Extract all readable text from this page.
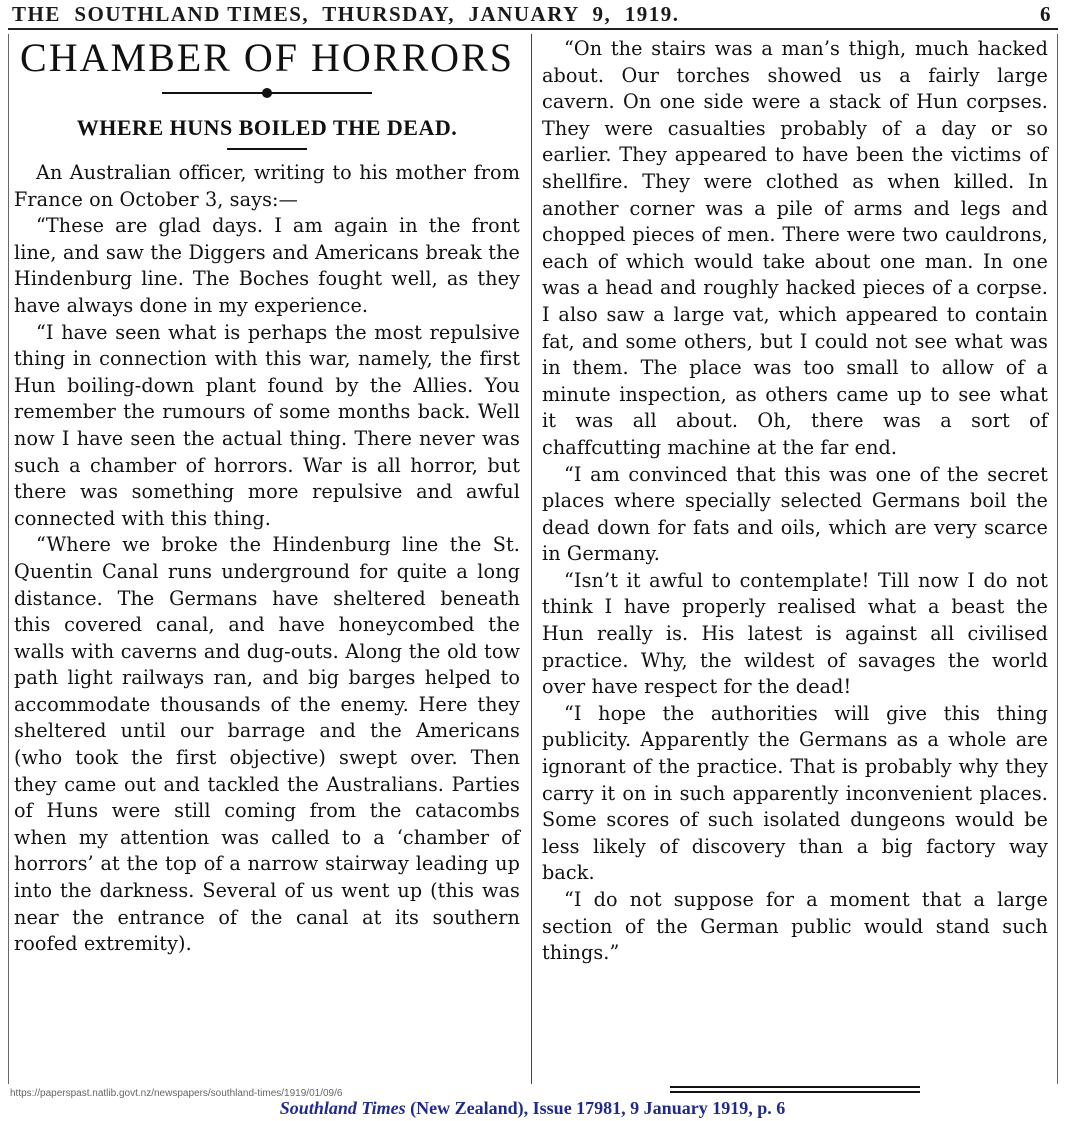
THE  SOUTHLAND TIMES,  THURSDAY,  JANUARY  9,  1919.	6
CHAMBER OF HORRORS
WHERE HUNS BOILED THE DEAD.

An Australian officer, writing to his mother from France on October 3, says:—

“These are glad days. I am again in the front line, and saw the Diggers and Americans break the Hindenburg line. The Boches fought well, as they have always done in my experience.

“I have seen what is perhaps the most repulsive thing in connection with this war, namely, the first Hun boiling-down plant found by the Allies. You remember the rumours of some months back. Well now I have seen the actual thing. There never was such a chamber of horrors. War is all horror, but there was something more repulsive and awful connected with this thing.

“Where we broke the Hindenburg line the St. Quentin Canal runs underground for quite a long distance. The Germans have sheltered beneath this covered canal, and have honeycombed the walls with caverns and dug-outs. Along the old tow path light railways ran, and big barges helped to accommodate thousands of the enemy. Here they sheltered until our barrage and the Americans (who took the first objective) swept over. Then they came out and tackled the Australians. Parties of Huns were still coming from the catacombs when my attention was called to a ‘chamber of horrors’ at the top of a narrow stairway leading up into the darkness. Several of us went up (this was near the entrance of the canal at its southern roofed extremity).

“On the stairs was a man’s thigh, much hacked about. Our torches showed us a fairly large cavern. On one side were a stack of Hun corpses. They were casualties probably of a day or so earlier. They appeared to have been the victims of shellfire. They were clothed as when killed. In another corner was a pile of arms and legs and chopped pieces of men. There were two cauldrons, each of which would take about one man. In one was a head and roughly hacked pieces of a corpse. I also saw a large vat, which appeared to contain fat, and some others, but I could not see what was in them. The place was too small to allow of a minute inspection, as others came up to see what it was all about. Oh, there was a sort of chaffcutting machine at the far end.

“I am convinced that this was one of the secret places where specially selected Germans boil the dead down for fats and oils, which are very scarce in Germany.

“Isn’t it awful to contemplate! Till now I do not think I have properly realised what a beast the Hun really is. His latest is against all civilised practice. Why, the wildest of savages the world over have respect for the dead!

“I hope the authorities will give this thing publicity. Apparently the Germans as a whole are ignorant of the practice. That is probably why they carry it on in such apparently inconvenient places. Some scores of such isolated dungeons would be less likely of discovery than a big factory way back.

“I do not suppose for a moment that a large section of the German public would stand such things.”

https://paperspast.natlib.govt.nz/newspapers/southland-times/1919/01/09/6
Southland Times (New Zealand), Issue 17981, 9 January 1919, p. 6
